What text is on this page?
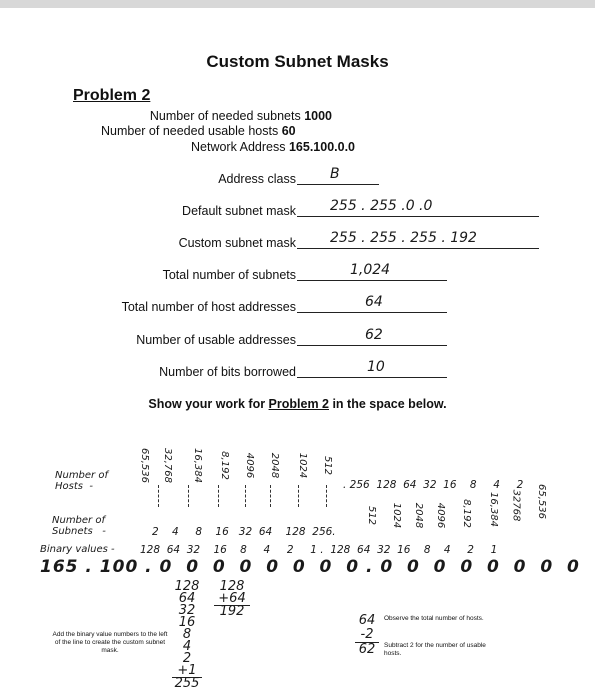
Custom Subnet Masks
Problem 2
Number of needed subnets 1000
Number of needed usable hosts 60
Network Address 165.100.0.0
Address class B
Default subnet mask 255 . 255 .0 .0
Custom subnet mask 255 . 255 . 255 . 192
Total number of subnets	1,024
Total number of host addresses	64
Number of usable addresses	62
Number of bits borrowed	10
Show your work for Problem 2 in the space below.
Number of
Hosts  -
65,536 32,768 16,384 8,192 4096 2048 1024 512
. 256  128  64  32  16    8     4     2
Number of
Subnets   -	2    4     8    16   32  64    128  256.
512 1024 2048 4096 8,192 16,384 32768 65,536
Binary values - 128  64  32    16    8     4     2     1 .  128  64  32  16    8    4     2     1
165 . 100 . 0  0  0  0  0  0  0  0 . 0  0  0  0  0  0  0  0
128
64
32
16
8
4
2
+1
255
128
+64
192
Add the binary value numbers to the left of the line to create the custom subnet mask.
64
-2
62
Observe the total number of hosts.
Subtract 2 for the number of usable hosts.
